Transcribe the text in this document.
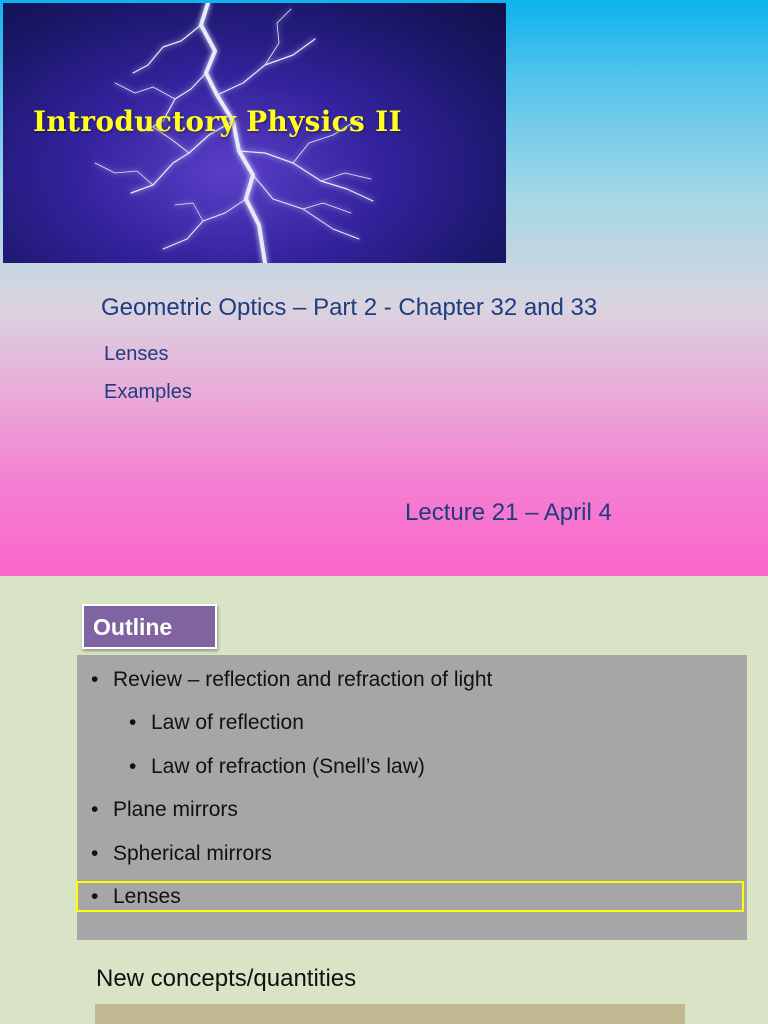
Introductory Physics II
Geometric Optics – Part 2 - Chapter 32 and 33
Lenses
Examples
Lecture 21 – April 4
Outline
• Review – reflection and refraction of light
• Law of reflection
• Law of refraction (Snell’s law)
• Plane mirrors
• Spherical mirrors
• Lenses
New concepts/quantities
